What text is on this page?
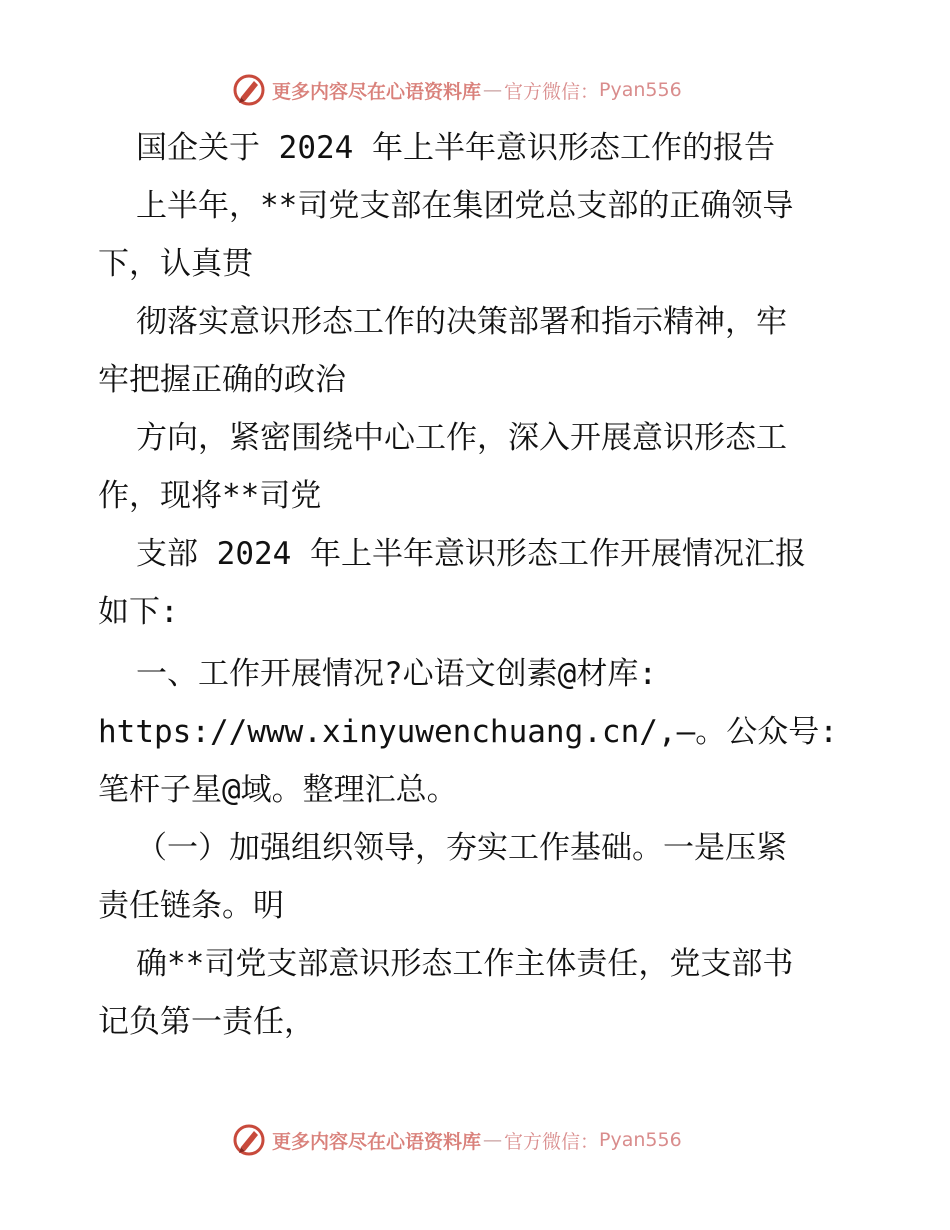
更多内容尽在心语资料库 — 官方微信： Pyan556
国企关于 2024 年上半年意识形态工作的报告
上半年，**司党支部在集团党总支部的正确领导
下，认真贯
彻落实意识形态工作的决策部署和指示精神，牢
牢把握正确的政治
方向，紧密围绕中心工作，深入开展意识形态工
作，现将**司党
支部 2024 年上半年意识形态工作开展情况汇报
如下:
一、工作开展情况?心语文创素@材库:
https://www.xinyuwenchuang.cn/,—。公众号:
笔杆子星@域。整理汇总。
（一）加强组织领导，夯实工作基础。一是压紧
责任链条。明
确**司党支部意识形态工作主体责任，党支部书
记负第一责任，
更多内容尽在心语资料库 — 官方微信： Pyan556
